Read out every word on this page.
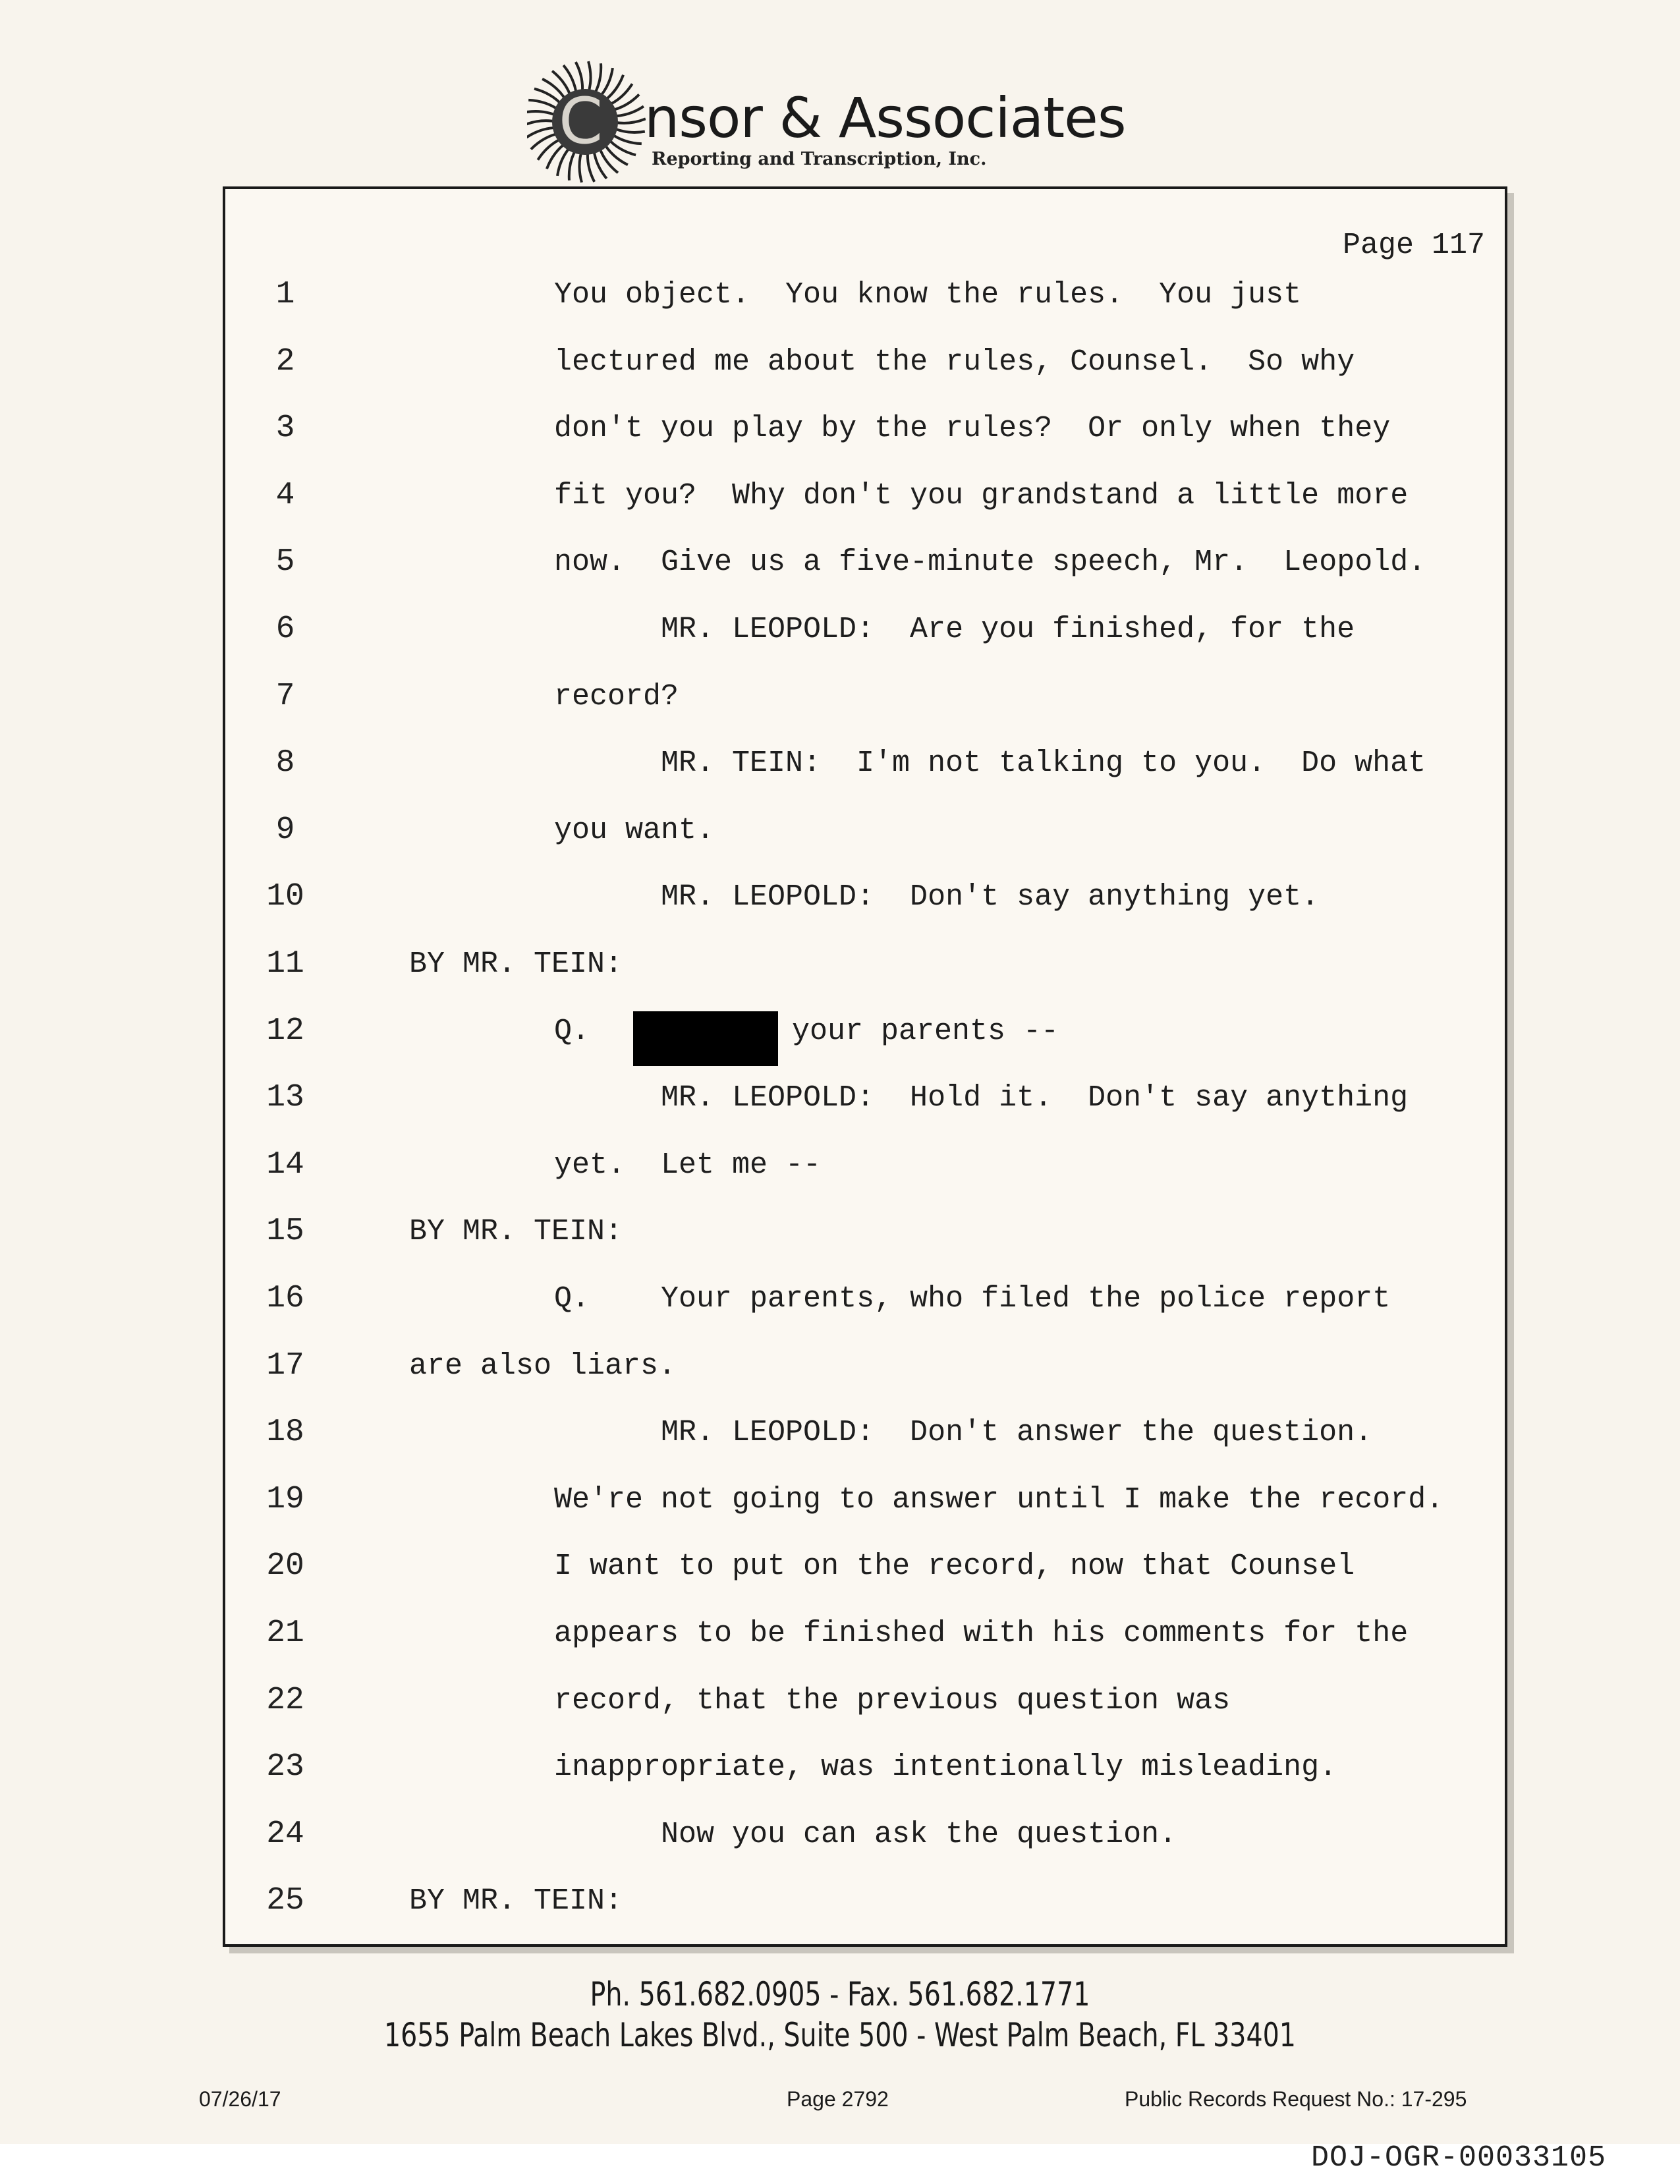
C nsor & Associates
Reporting and Transcription, Inc.
Page 117
1	You object.  You know the rules.  You just
2	lectured me about the rules, Counsel.  So why
3	don't you play by the rules?  Or only when they
4	fit you?  Why don't you grandstand a little more
5	now.  Give us a five-minute speech, Mr.  Leopold.
6	MR. LEOPOLD:  Are you finished, for the
7	record?
8	MR. TEIN:  I'm not talking to you.  Do what
9	you want.
10	MR. LEOPOLD:  Don't say anything yet.
11	BY MR. TEIN:
12	Q.	your parents --
13	MR. LEOPOLD:  Hold it.  Don't say anything
14	yet.  Let me --
15	BY MR. TEIN:
16	Q.    Your parents, who filed the police report
17	are also liars.
18	MR. LEOPOLD:  Don't answer the question.
19	We're not going to answer until I make the record.
20	I want to put on the record, now that Counsel
21	appears to be finished with his comments for the
22	record, that the previous question was
23	inappropriate, was intentionally misleading.
24	Now you can ask the question.
25	BY MR. TEIN:
Ph. 561.682.0905 - Fax. 561.682.1771
1655 Palm Beach Lakes Blvd., Suite 500 - West Palm Beach, FL 33401
07/26/17	Page 2792	Public Records Request No.: 17-295
DOJ-OGR-00033105
